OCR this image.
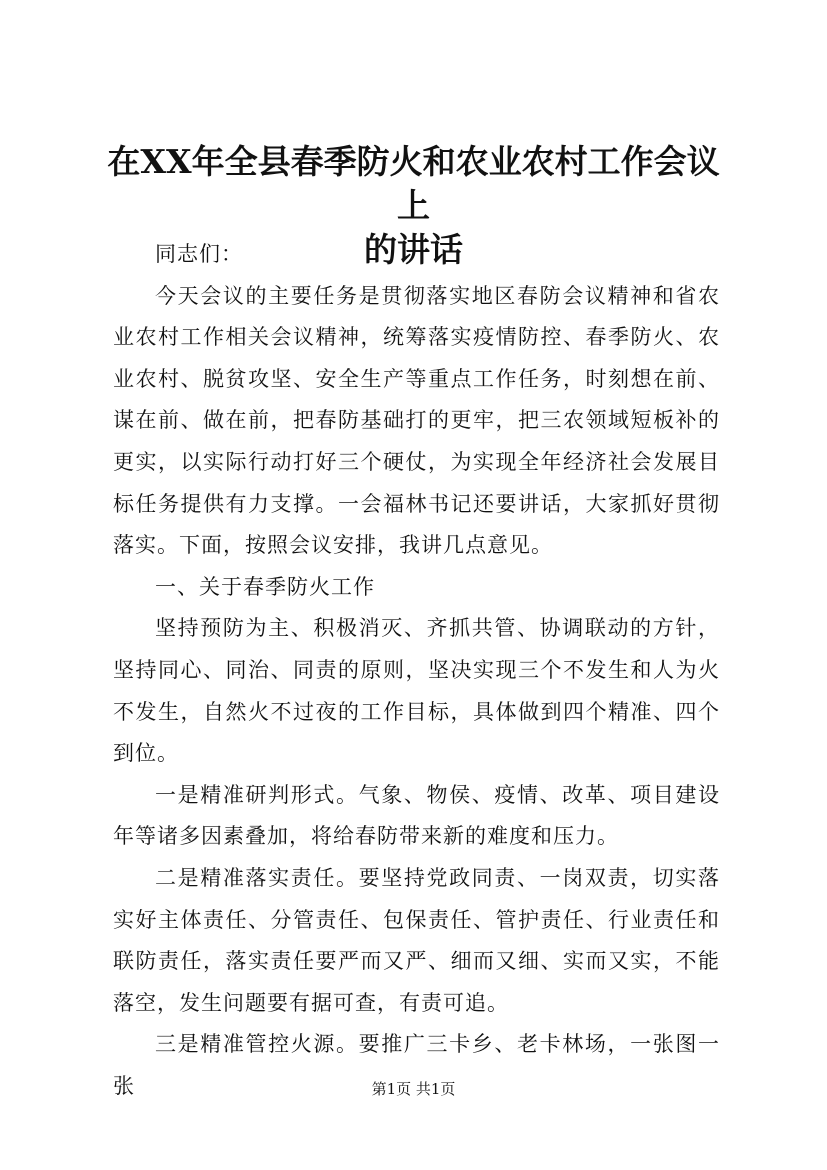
在XX年全县春季防火和农业农村工作会议上
的讲话

同志们：

今天会议的主要任务是贯彻落实地区春防会议精神和省农业农村工作相关会议精神，统筹落实疫情防控、春季防火、农业农村、脱贫攻坚、安全生产等重点工作任务，时刻想在前、谋在前、做在前，把春防基础打的更牢，把三农领域短板补的更实，以实际行动打好三个硬仗，为实现全年经济社会发展目标任务提供有力支撑。一会福林书记还要讲话，大家抓好贯彻落实。下面，按照会议安排，我讲几点意见。

一、关于春季防火工作

坚持预防为主、积极消灭、齐抓共管、协调联动的方针，坚持同心、同治、同责的原则，坚决实现三个不发生和人为火不发生，自然火不过夜的工作目标，具体做到四个精准、四个到位。

一是精准研判形式。气象、物侯、疫情、改革、项目建设年等诸多因素叠加，将给春防带来新的难度和压力。

二是精准落实责任。要坚持党政同责、一岗双责，切实落实好主体责任、分管责任、包保责任、管护责任、行业责任和联防责任，落实责任要严而又严、细而又细、实而又实，不能落空，发生问题要有据可查，有责可追。

三是精准管控火源。要推广三卡乡、老卡林场，一张图一张	第1页 共1页
